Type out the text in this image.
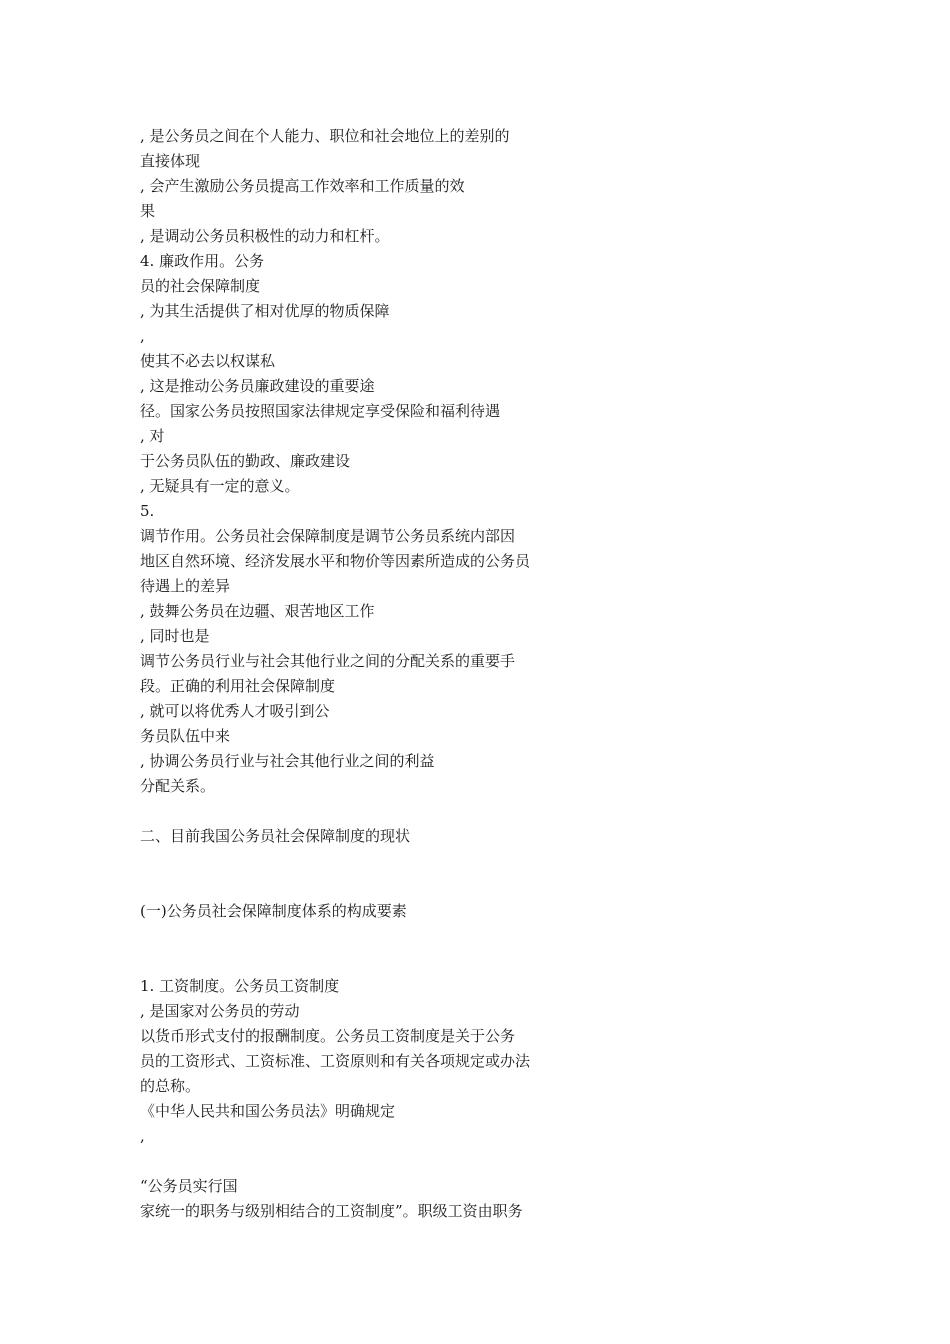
, 是公务员之间在个人能力、职位和社会地位上的差别的
直接体现
, 会产生激励公务员提高工作效率和工作质量的效
果
, 是调动公务员积极性的动力和杠杆。
4. 廉政作用。公务
员的社会保障制度
, 为其生活提供了相对优厚的物质保障
,
使其不必去以权谋私
, 这是推动公务员廉政建设的重要途
径。国家公务员按照国家法律规定享受保险和福利待遇
, 对
于公务员队伍的勤政、廉政建设
, 无疑具有一定的意义。
5.
调节作用。公务员社会保障制度是调节公务员系统内部因
地区自然环境、经济发展水平和物价等因素所造成的公务员
待遇上的差异
, 鼓舞公务员在边疆、艰苦地区工作
, 同时也是
调节公务员行业与社会其他行业之间的分配关系的重要手
段。正确的利用社会保障制度
, 就可以将优秀人才吸引到公
务员队伍中来
, 协调公务员行业与社会其他行业之间的利益
分配关系。
二、目前我国公务员社会保障制度的现状
(一)公务员社会保障制度体系的构成要素
1. 工资制度。公务员工资制度
, 是国家对公务员的劳动
以货币形式支付的报酬制度。公务员工资制度是关于公务
员的工资形式、工资标准、工资原则和有关各项规定或办法
的总称。
《中华人民共和国公务员法》明确规定
,
“公务员实行国
家统一的职务与级别相结合的工资制度”。职级工资由职务
